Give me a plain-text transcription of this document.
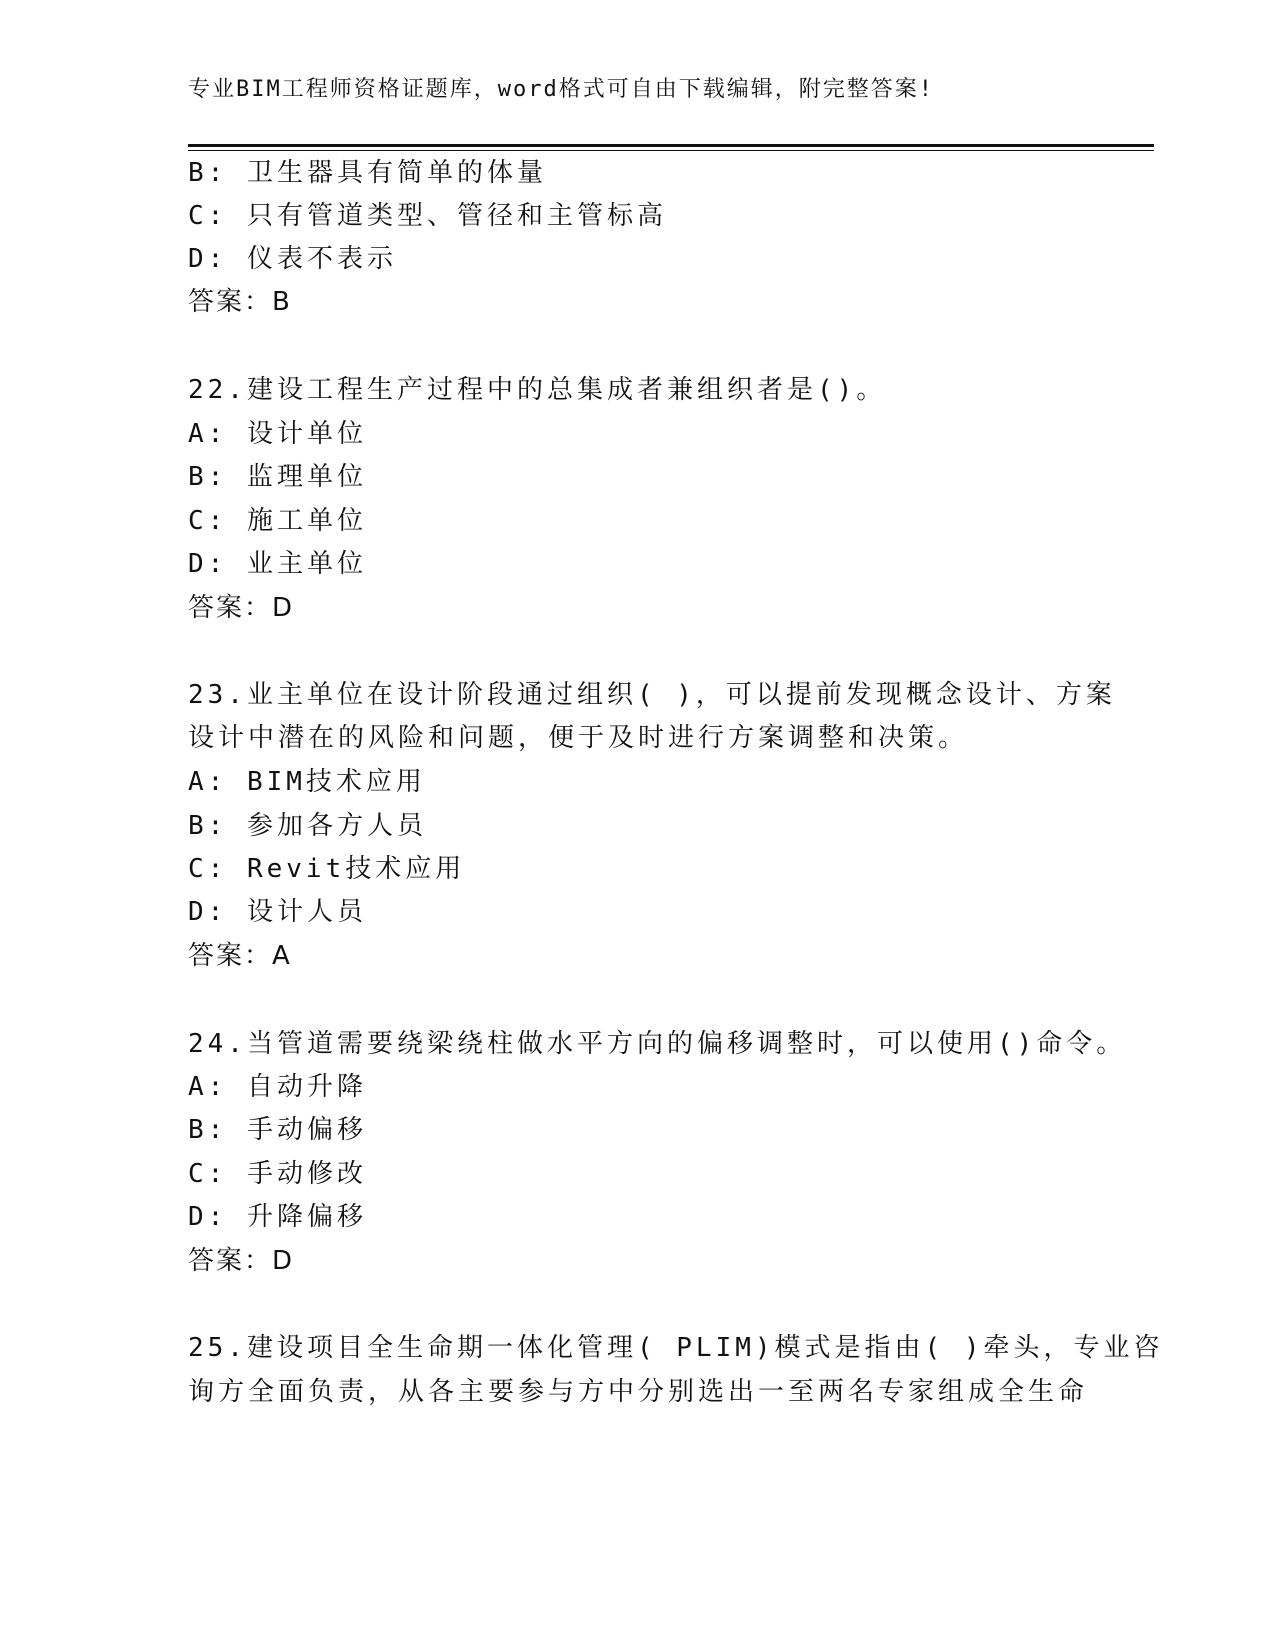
专业BIM工程师资格证题库，word格式可自由下载编辑，附完整答案!
B: 卫生器具有简单的体量
C: 只有管道类型、管径和主管标高
D: 仪表不表示
答案：B
22.建设工程生产过程中的总集成者兼组织者是()。
A: 设计单位
B: 监理单位
C: 施工单位
D: 业主单位
答案：D
23.业主单位在设计阶段通过组织( )，可以提前发现概念设计、方案
设计中潜在的风险和问题，便于及时进行方案调整和决策。
A: BIM技术应用
B: 参加各方人员
C: Revit技术应用
D: 设计人员
答案：A
24.当管道需要绕梁绕柱做水平方向的偏移调整时，可以使用()命令。
A: 自动升降
B: 手动偏移
C: 手动修改
D: 升降偏移
答案：D
25.建设项目全生命期一体化管理( PLIM)模式是指由( )牵头，专业咨
询方全面负责，从各主要参与方中分别选出一至两名专家组成全生命
